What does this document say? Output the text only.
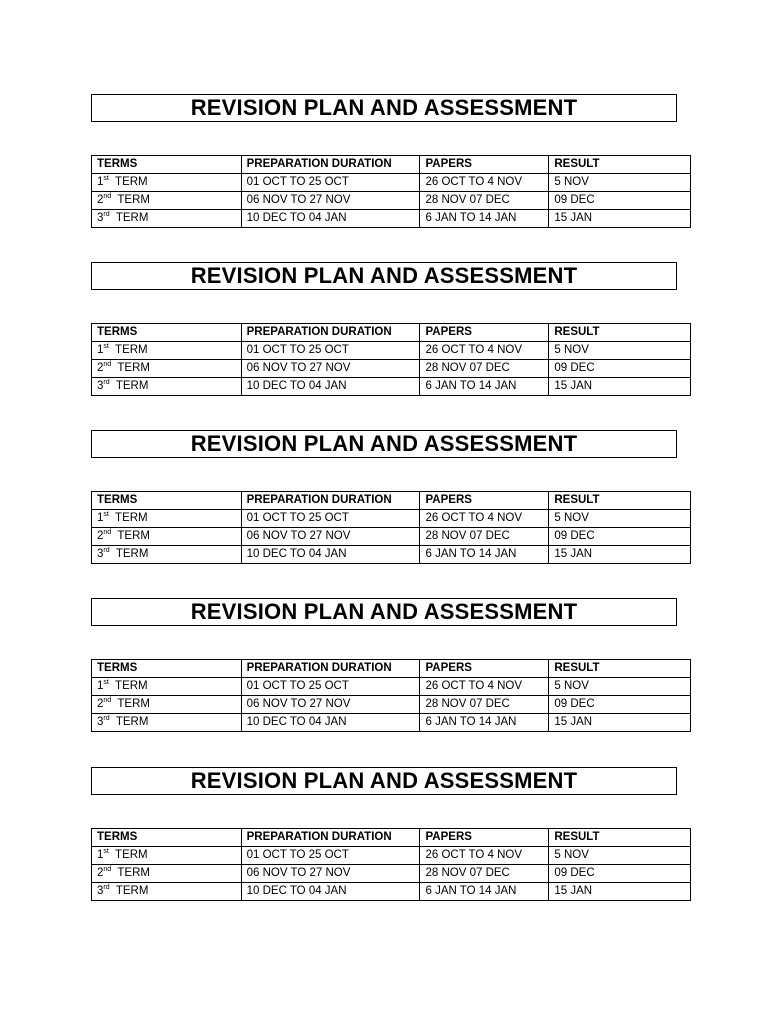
REVISION PLAN AND ASSESSMENT
TERMS	PREPARATION DURATION	PAPERS	RESULT
1st TERM	01 OCT TO 25 OCT	26 OCT TO 4 NOV	5 NOV
2nd TERM	06 NOV TO 27 NOV	28 NOV 07 DEC	09 DEC
3rd TERM	10 DEC TO 04 JAN	6 JAN TO 14 JAN	15 JAN
REVISION PLAN AND ASSESSMENT
TERMS	PREPARATION DURATION	PAPERS	RESULT
1st TERM	01 OCT TO 25 OCT	26 OCT TO 4 NOV	5 NOV
2nd TERM	06 NOV TO 27 NOV	28 NOV 07 DEC	09 DEC
3rd TERM	10 DEC TO 04 JAN	6 JAN TO 14 JAN	15 JAN
REVISION PLAN AND ASSESSMENT
TERMS	PREPARATION DURATION	PAPERS	RESULT
1st TERM	01 OCT TO 25 OCT	26 OCT TO 4 NOV	5 NOV
2nd TERM	06 NOV TO 27 NOV	28 NOV 07 DEC	09 DEC
3rd TERM	10 DEC TO 04 JAN	6 JAN TO 14 JAN	15 JAN
REVISION PLAN AND ASSESSMENT
TERMS	PREPARATION DURATION	PAPERS	RESULT
1st TERM	01 OCT TO 25 OCT	26 OCT TO 4 NOV	5 NOV
2nd TERM	06 NOV TO 27 NOV	28 NOV 07 DEC	09 DEC
3rd TERM	10 DEC TO 04 JAN	6 JAN TO 14 JAN	15 JAN
REVISION PLAN AND ASSESSMENT
TERMS	PREPARATION DURATION	PAPERS	RESULT
1st TERM	01 OCT TO 25 OCT	26 OCT TO 4 NOV	5 NOV
2nd TERM	06 NOV TO 27 NOV	28 NOV 07 DEC	09 DEC
3rd TERM	10 DEC TO 04 JAN	6 JAN TO 14 JAN	15 JAN
